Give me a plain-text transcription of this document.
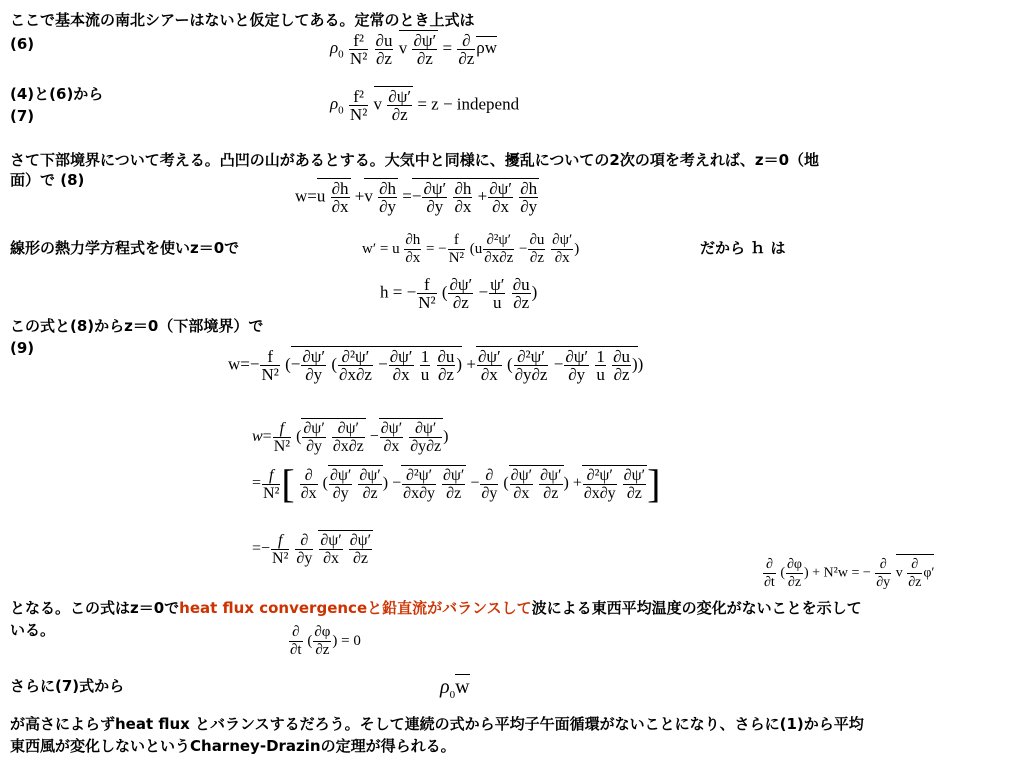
ここで基本流の南北シアーはないと仮定してある。定常のとき上式は
(6)
(4)と(6)から
(7)
さて下部境界について考える。凸凹の山があるとする。大気中と同様に、擾乱についての2次の項を考えれば、z＝0（地
面）で (8)
線形の熱力学方程式を使いz＝0で	だから ｈ は
この式と(8)からz＝0（下部境界）で
(9)
となる。この式はz＝0でheat flux convergenceと鉛直流がバランスして波による東西平均温度の変化がないことを示して
いる。
さらに(7)式から
が高さによらずheat flux とバランスするだろう。そして連続の式から平均子午面循環がないことになり、さらに(1)から平均
東西風が変化しないというCharney-Drazinの定理が得られる。
$\rho_0 \frac{\text{f²}}{\text{N²}}$
$\frac{\partial u}{\partial z}$ v $\frac{\partial\psi'}{\partial z} = \frac{\partial}{\partial z}$ ρw
$\rho_0 \frac{\text{f²}}{\text{N²}}$ v $\frac{\partial\psi'}{\partial z} = z$ − independ
$w=u \frac{\partial h}{\partial x} +v \frac{\partial h}{\partial y} =- \frac{\partial\psi'}{\partial y}$
$\frac{\partial h}{\partial x} + \frac{\partial\psi'}{\partial x}$
$\frac{\partial h}{\partial y}$
w′ = u $\frac{\partial h}{\partial x}$ = − $\frac{f}{\text{N²}} (u \frac{\text{∂²ψ′}}{\partial x\partial z} - \frac{\partial u}{\partial z}$
$\frac{\partial\psi'}{\partial x}$ )
h = − $\frac{f}{\text{N²}}$ ( $\frac{\partial\psi'}{\partial z} - \frac{\psi'}{u}$
$\frac{\partial u}{\partial z}$ )
$w=- \frac{f}{\text{N²}}$ (− $\frac{\partial\psi'}{\partial y}$ ( $\frac{\text{∂²ψ′}}{\partial x\partial z} - \frac{\partial\psi'}{\partial x}$
$\frac{1}{u}$
$\frac{\partial u}{\partial z}$ ) + $\frac{\partial\psi'}{\partial x}$ ( $\frac{\text{∂²ψ′}}{\partial y\partial z} - \frac{\partial\psi'}{\partial y}$
$\frac{1}{u}$
$\frac{\partial u}{\partial z}$ ))
$w= \frac{f}{\text{N²}}$ ( $\frac{\partial\psi'}{\partial y}$
$\frac{\partial\psi'}{\partial x\partial z} - \frac{\partial\psi'}{\partial x}$
$\frac{\partial\psi'}{\partial y\partial z}$ )
= $\frac{f}{\text{N²}}$ [ $\frac{\partial}{\partial x}$ ( $\frac{\partial\psi'}{\partial y}$
$\frac{\partial\psi'}{\partial z}$ ) − $\frac{\text{∂²ψ′}}{\partial x\partial y}$
$\frac{\partial\psi'}{\partial z} - \frac{\partial}{\partial y}$ ( $\frac{\partial\psi'}{\partial x}$
$\frac{\partial\psi'}{\partial z}$ ) + $\frac{\text{∂²ψ′}}{\partial x\partial y}$
$\frac{\partial\psi'}{\partial z}$ ]
=− $\frac{f}{\text{N²}}$
$\frac{\partial}{\partial y}$
$\frac{\partial\psi'}{\partial x}$
$\frac{\partial\psi'}{\partial z}$
$\frac{\partial}{\partial t}$ ( $\frac{\partial\varphi}{\partial z}$ ) + N²w = − $\frac{\partial}{\partial y}$ v $\frac{\partial}{\partial z} \varphi'$
$\frac{\partial}{\partial t}$ ( $\frac{\partial\varphi}{\partial z}$ ) = 0
$\rho_0w$
